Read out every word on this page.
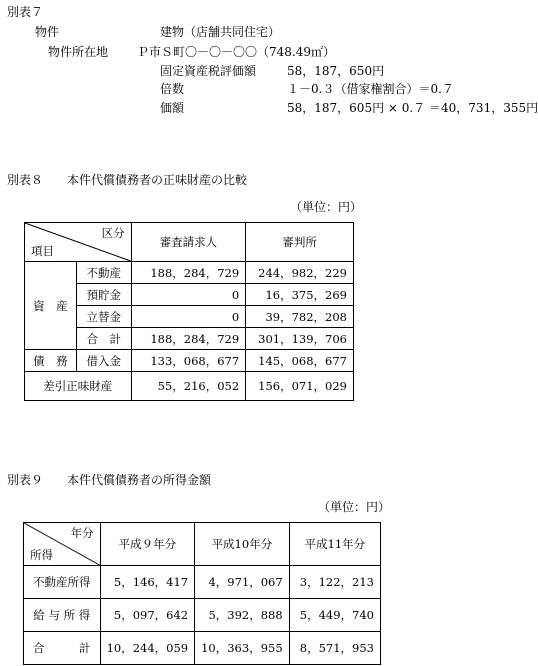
別表７
物件	建物（店舗共同住宅）
物件所在地 Ｐ市Ｓ町〇－〇－〇〇（748.49㎡）
固定資産税評価額	58，187，650円
倍数	１－0.３（借家権割合）＝0.７
価額	58，187，605円 × 0.７ ＝40，731，355円
別表８　　本件代償債務者の正味財産の比較
（単位：円）
区分
項目		審査請求人	審判所
資　産	不動産	188，284，729	244，982，229
	預貯金	0	16，375，269
	立替金	0	39，782，208
	合　計	188，284，729	301，139，706
債　務	借入金	133，068，677	145，068，677
差引正味財産		55，216，052	156，071，029
別表９　　本件代償債務者の所得金額
（単位：円）
年分
所得	平成９年分	平成10年分	平成11年分
不動産所得	5，146，417	4，971，067	3，122，213
給 与 所 得	5，097，642	5，392，888	5，449，740
合　　　計	10，244，059	10，363，955	8，571，953
